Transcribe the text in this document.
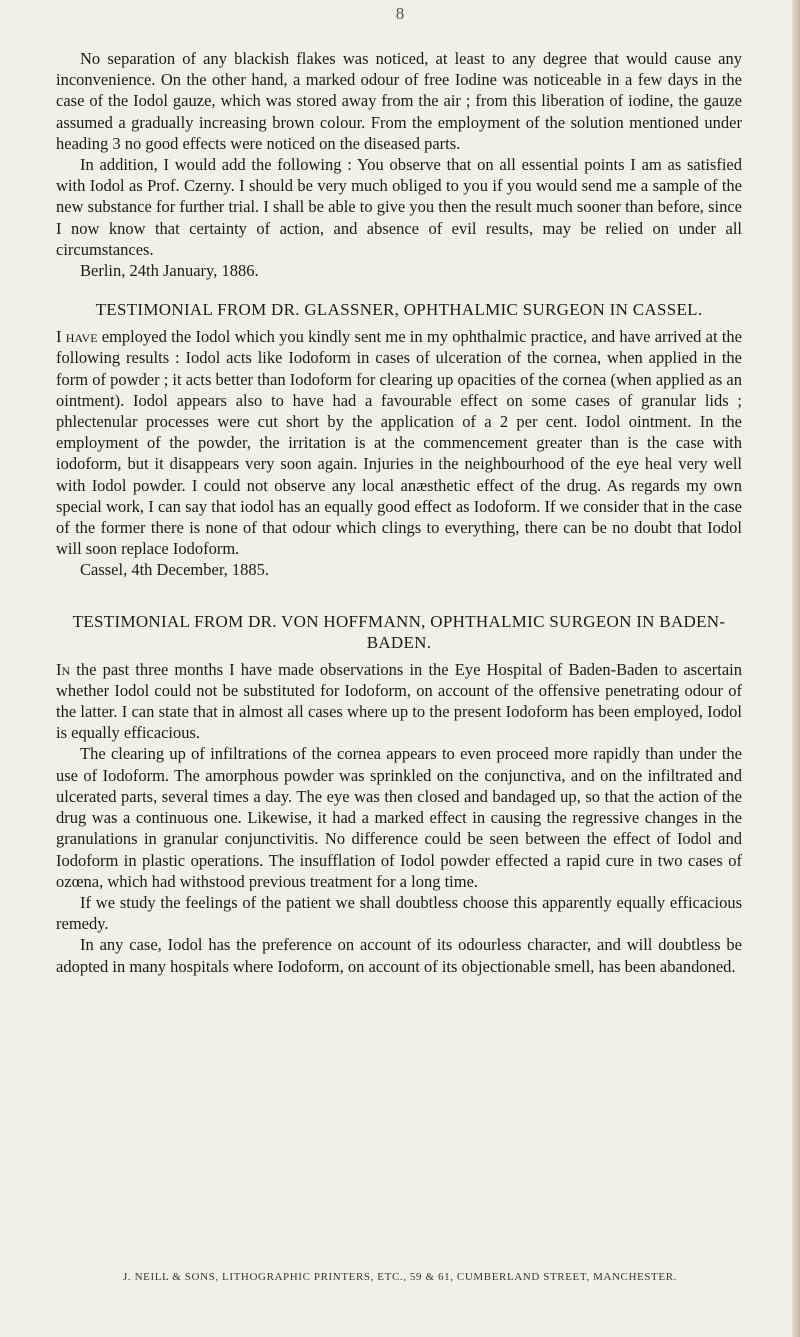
8

No separation of any blackish flakes was noticed, at least to any degree that would cause any inconvenience. On the other hand, a marked odour of free Iodine was noticeable in a few days in the case of the Iodol gauze, which was stored away from the air ; from this liberation of iodine, the gauze assumed a gradually increasing brown colour. From the employment of the solution mentioned under heading 3 no good effects were noticed on the diseased parts.

In addition, I would add the following : You observe that on all essential points I am as satisfied with Iodol as Prof. Czerny. I should be very much obliged to you if you would send me a sample of the new substance for further trial. I shall be able to give you then the result much sooner than before, since I now know that certainty of action, and absence of evil results, may be relied on under all circumstances.

Berlin, 24th January, 1886.

TESTIMONIAL FROM DR. GLASSNER, OPHTHALMIC SURGEON IN CASSEL.

I have employed the Iodol which you kindly sent me in my ophthalmic practice, and have arrived at the following results : Iodol acts like Iodoform in cases of ulceration of the cornea, when applied in the form of powder ; it acts better than Iodoform for clearing up opacities of the cornea (when applied as an ointment). Iodol appears also to have had a favourable effect on some cases of granular lids ; phlectenular processes were cut short by the application of a 2 per cent. Iodol ointment. In the employment of the powder, the irritation is at the commencement greater than is the case with iodoform, but it disappears very soon again. Injuries in the neighbourhood of the eye heal very well with Iodol powder. I could not observe any local anæsthetic effect of the drug. As regards my own special work, I can say that iodol has an equally good effect as Iodoform. If we consider that in the case of the former there is none of that odour which clings to everything, there can be no doubt that Iodol will soon replace Iodoform.

Cassel, 4th December, 1885.

TESTIMONIAL FROM DR. VON HOFFMANN, OPHTHALMIC SURGEON IN BADEN-BADEN.

In the past three months I have made observations in the Eye Hospital of Baden-Baden to ascertain whether Iodol could not be substituted for Iodoform, on account of the offensive penetrating odour of the latter. I can state that in almost all cases where up to the present Iodoform has been employed, Iodol is equally efficacious.

The clearing up of infiltrations of the cornea appears to even proceed more rapidly than under the use of Iodoform. The amorphous powder was sprinkled on the conjunctiva, and on the infiltrated and ulcerated parts, several times a day. The eye was then closed and bandaged up, so that the action of the drug was a continuous one. Likewise, it had a marked effect in causing the regressive changes in the granulations in granular conjunctivitis. No difference could be seen between the effect of Iodol and Iodoform in plastic operations. The insufflation of Iodol powder effected a rapid cure in two cases of ozœna, which had withstood previous treatment for a long time.

If we study the feelings of the patient we shall doubtless choose this apparently equally efficacious remedy.

In any case, Iodol has the preference on account of its odourless character, and will doubtless be adopted in many hospitals where Iodoform, on account of its objectionable smell, has been abandoned.

J. NEILL & SONS, LITHOGRAPHIC PRINTERS, ETC., 59 & 61, CUMBERLAND STREET, MANCHESTER.
